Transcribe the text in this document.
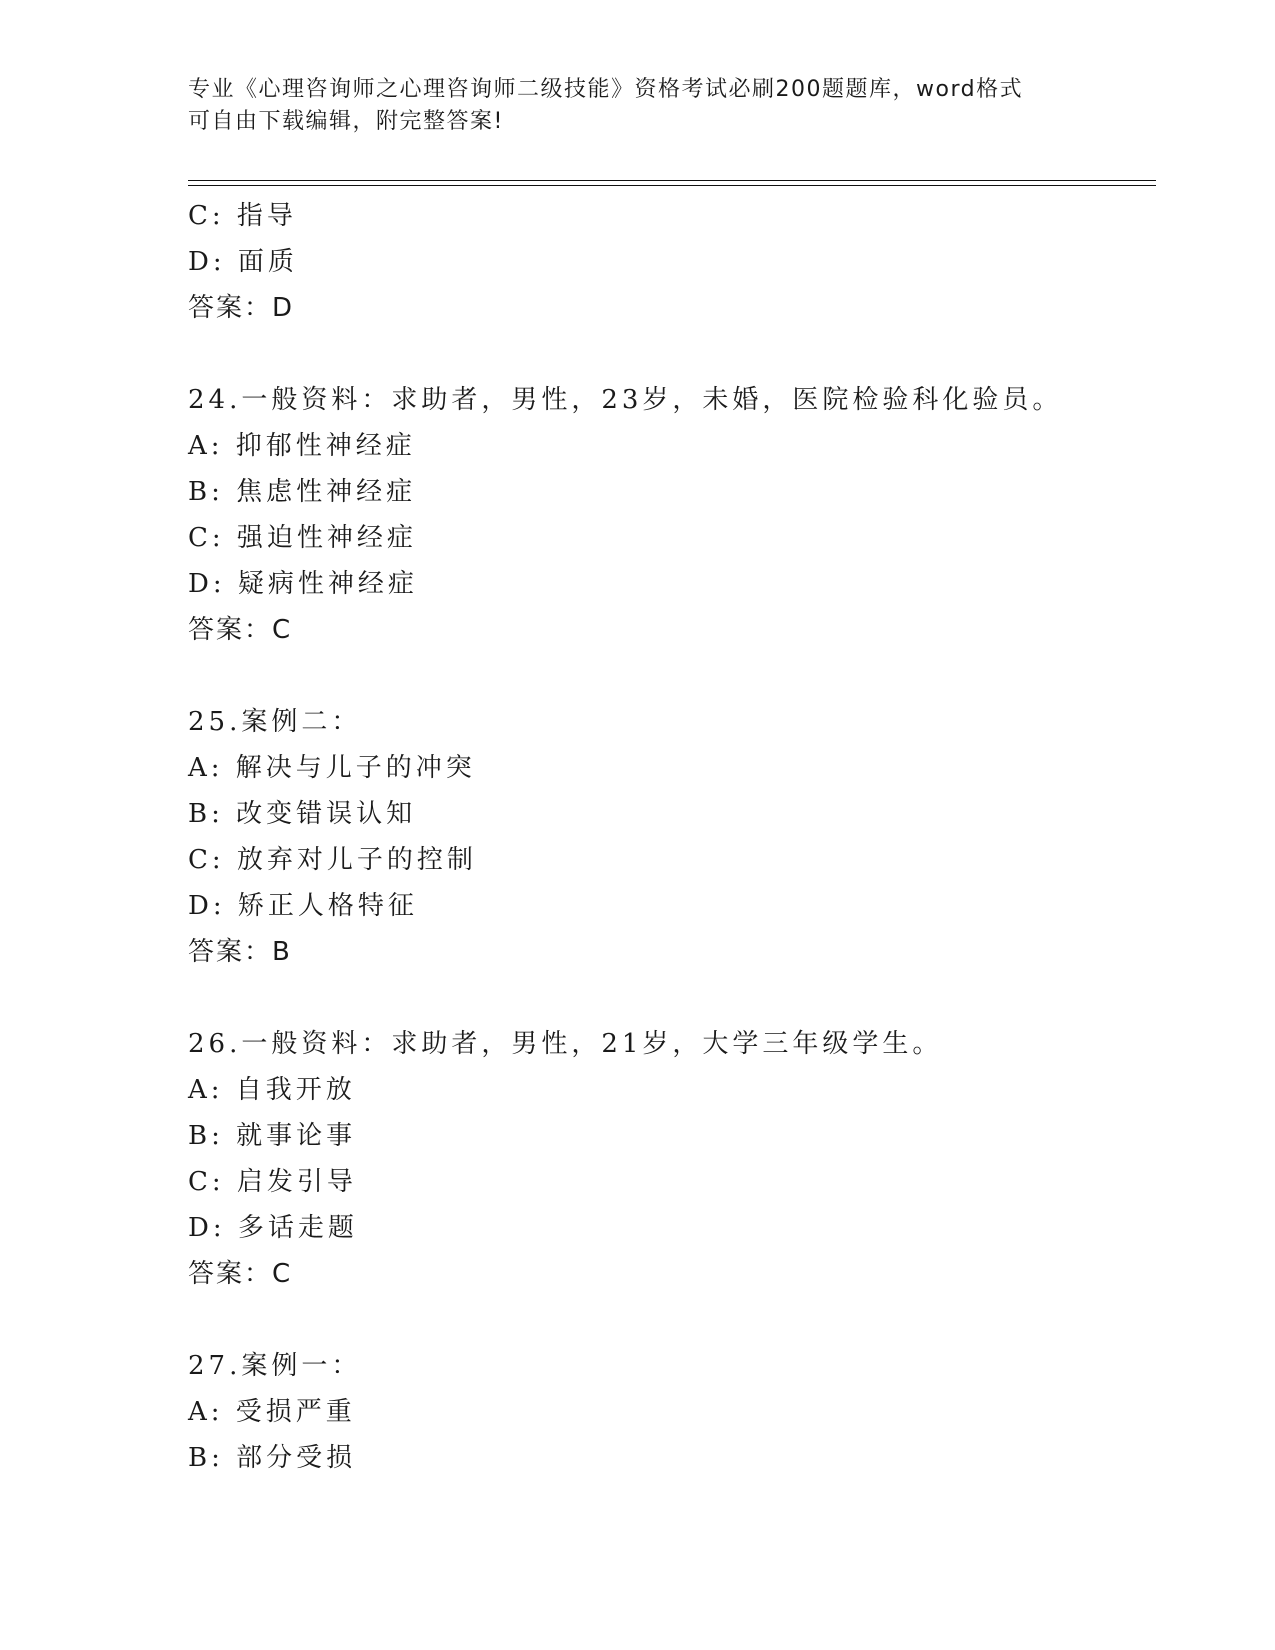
专业《心理咨询师之心理咨询师二级技能》资格考试必刷200题题库，word格式
可自由下载编辑，附完整答案!
C: 指导
D: 面质
答案：D
24.一般资料：求助者，男性，23岁，未婚，医院检验科化验员。
A: 抑郁性神经症
B: 焦虑性神经症
C: 强迫性神经症
D: 疑病性神经症
答案：C
25.案例二：
A: 解决与儿子的冲突
B: 改变错误认知
C: 放弃对儿子的控制
D: 矫正人格特征
答案：B
26.一般资料：求助者，男性，21岁，大学三年级学生。
A: 自我开放
B: 就事论事
C: 启发引导
D: 多话走题
答案：C
27.案例一：
A: 受损严重
B: 部分受损
